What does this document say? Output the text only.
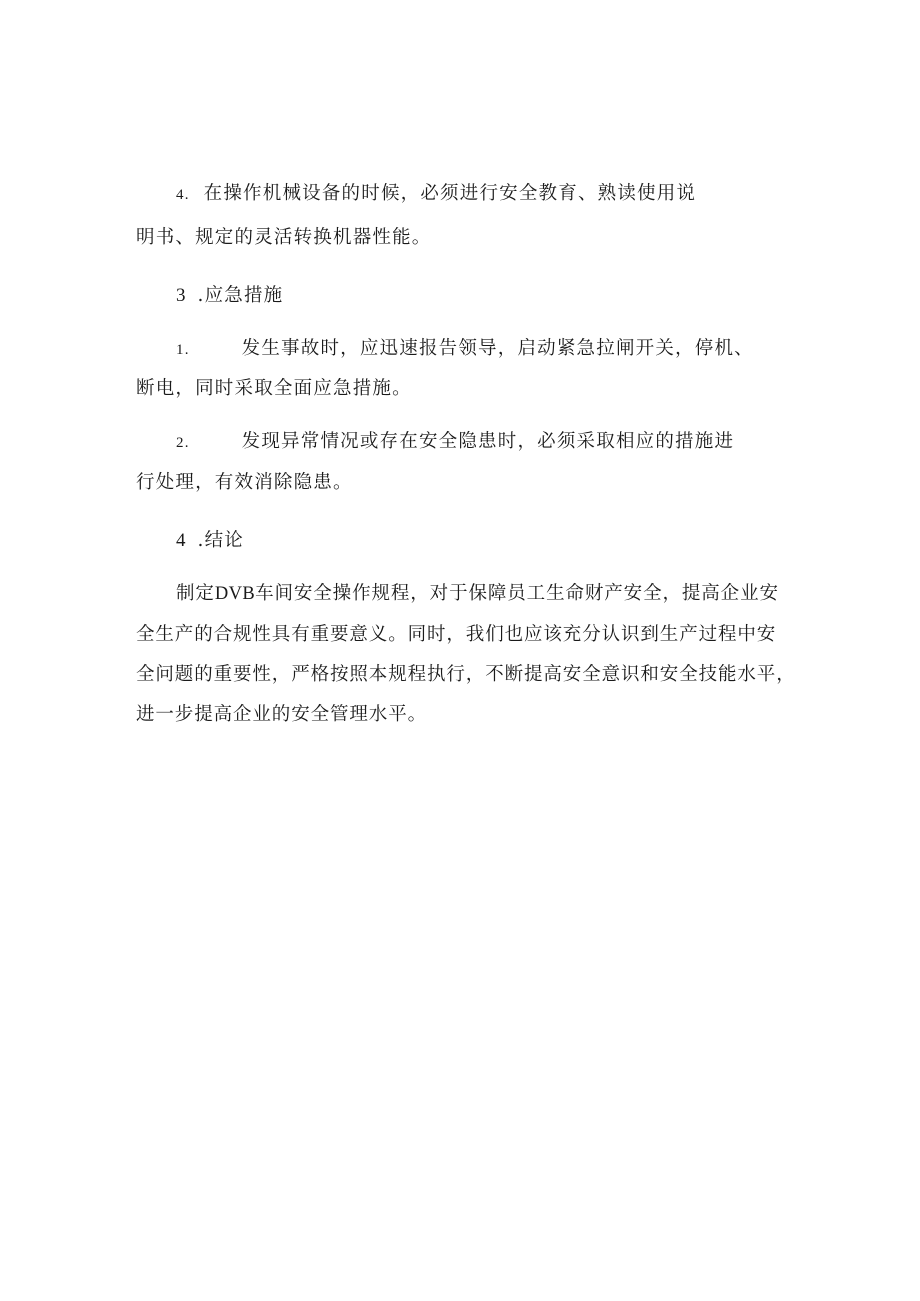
4. 在操作机械设备的时候，必须进行安全教育、熟读使用说
明书、规定的灵活转换机器性能。
3 .应急措施
1.	发生事故时，应迅速报告领导，启动紧急拉闸开关，停机、
断电，同时采取全面应急措施。
2.	发现异常情况或存在安全隐患时，必须采取相应的措施进
行处理，有效消除隐患。
4 .结论
制定DVB车间安全操作规程，对于保障员工生命财产安全，提高企业安
全生产的合规性具有重要意义。同时，我们也应该充分认识到生产过程中安
全问题的重要性，严格按照本规程执行，不断提高安全意识和安全技能水平，
进一步提高企业的安全管理水平。
